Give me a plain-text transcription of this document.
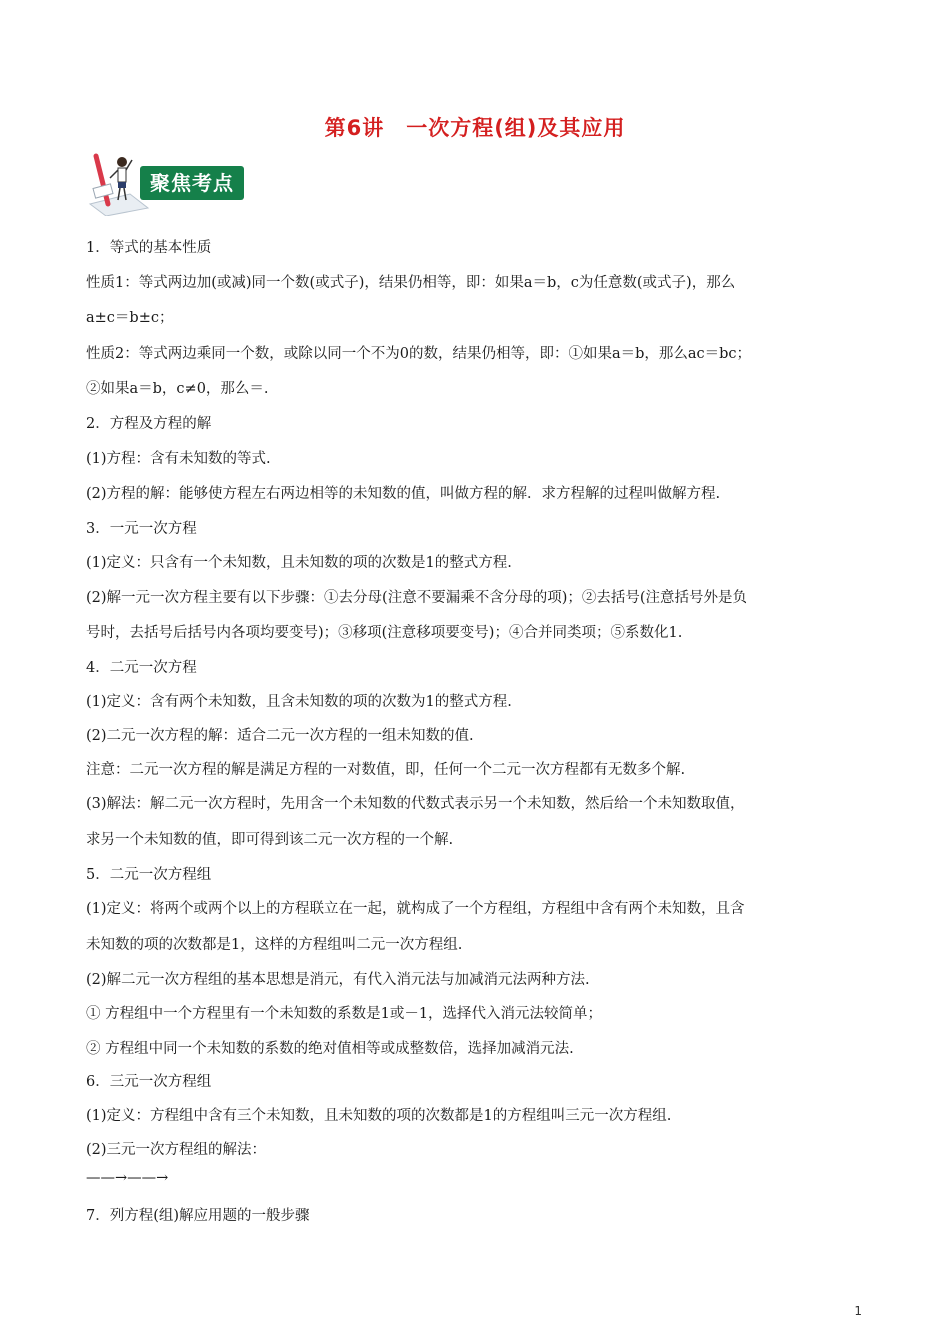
第6讲　一次方程(组)及其应用
聚焦考点
1．等式的基本性质
性质1：等式两边加(或减)同一个数(或式子)，结果仍相等，即：如果a＝b，c为任意数(或式子)，那么
a±c＝b±c；
性质2：等式两边乘同一个数，或除以同一个不为0的数，结果仍相等，即：①如果a＝b，那么ac＝bc；
②如果a＝b，c≠0，那么＝.
2．方程及方程的解
(1)方程：含有未知数的等式.
(2)方程的解：能够使方程左右两边相等的未知数的值，叫做方程的解．求方程解的过程叫做解方程.
3．一元一次方程
(1)定义：只含有一个未知数，且未知数的项的次数是1的整式方程.
(2)解一元一次方程主要有以下步骤：①去分母(注意不要漏乘不含分母的项)；②去括号(注意括号外是负
号时，去括号后括号内各项均要变号)；③移项(注意移项要变号)；④合并同类项；⑤系数化1.
4．二元一次方程
(1)定义：含有两个未知数，且含未知数的项的次数为1的整式方程.
(2)二元一次方程的解：适合二元一次方程的一组未知数的值.
注意：二元一次方程的解是满足方程的一对数值，即，任何一个二元一次方程都有无数多个解.
(3)解法：解二元一次方程时，先用含一个未知数的代数式表示另一个未知数，然后给一个未知数取值，
求另一个未知数的值，即可得到该二元一次方程的一个解.
5．二元一次方程组
(1)定义：将两个或两个以上的方程联立在一起，就构成了一个方程组，方程组中含有两个未知数，且含
未知数的项的次数都是1，这样的方程组叫二元一次方程组.
(2)解二元一次方程组的基本思想是消元，有代入消元法与加减消元法两种方法.
① 方程组中一个方程里有一个未知数的系数是1或－1，选择代入消元法较简单；
② 方程组中同一个未知数的系数的绝对值相等或成整数倍，选择加减消元法.
6．三元一次方程组
(1)定义：方程组中含有三个未知数，且未知数的项的次数都是1的方程组叫三元一次方程组.
(2)三元一次方程组的解法：
——→——→
7．列方程(组)解应用题的一般步骤
1
